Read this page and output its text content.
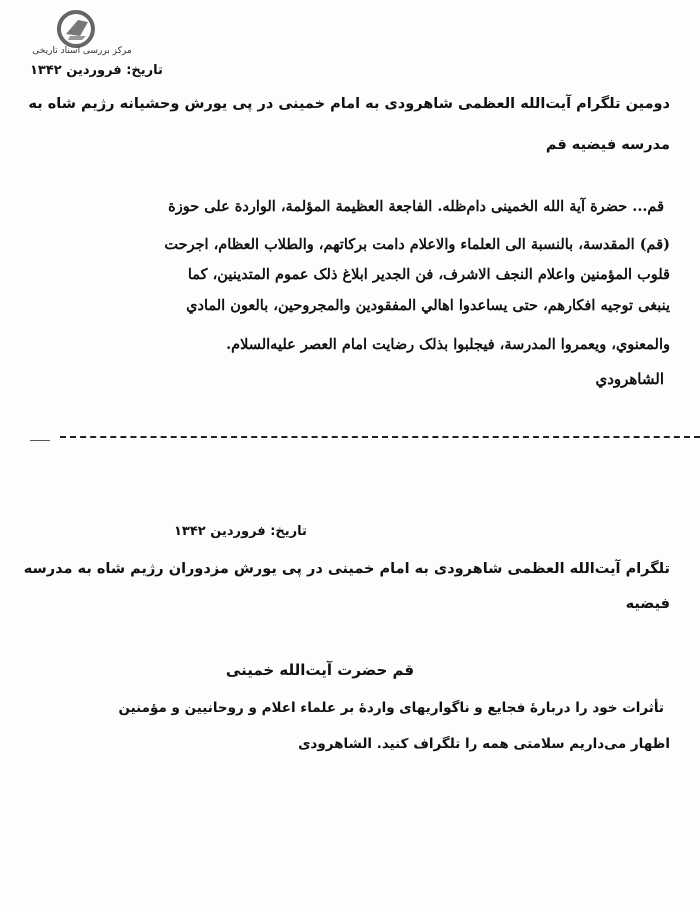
مرکز بررسی اسناد تاریخی
تاریخ: فروردین ۱۳۴۲
دومین تلگرام آیت‌الله العظمی شاهرودی به امام خمینی در پی یورش وحشیانه رژیم شاه به
مدرسه فیضیه قم
قم... حضرة آیة الله الخمینی دام‌ظله. الفاجعة العظیمة المؤلمة، الواردة علی حوزة
(قم) المقدسة، بالنسبة الی العلماء والاعلام دامت برکاتهم، والطلاب العظام، اجرحت
قلوب المؤمنین واعلام النجف الاشرف، فن الجدیر ابلاغ ذلک عموم المتدینین، کما
ینبغی توجیه افکارهم، حتی یساعدوا اهالي المفقودین والمجروحین، بالعون المادي
والمعنوي، ویعمروا المدرسة، فیجلبوا بذلک رضایت امام العصر علیه‌السلام.
الشاهرودي
تاریخ: فروردین ۱۳۴۲
تلگرام آیت‌الله العظمی شاهرودی به امام خمینی در پی یورش مزدوران رژیم شاه به مدرسه
فیضیه
قم حضرت آیت‌الله خمینی
تأثرات خود را دربارهٔ فجایع و ناگواریهای واردهٔ بر علماء اعلام و روحانیین و مؤمنین
اظهار می‌داریم سلامتی همه را تلگراف کنید. الشاهرودی
